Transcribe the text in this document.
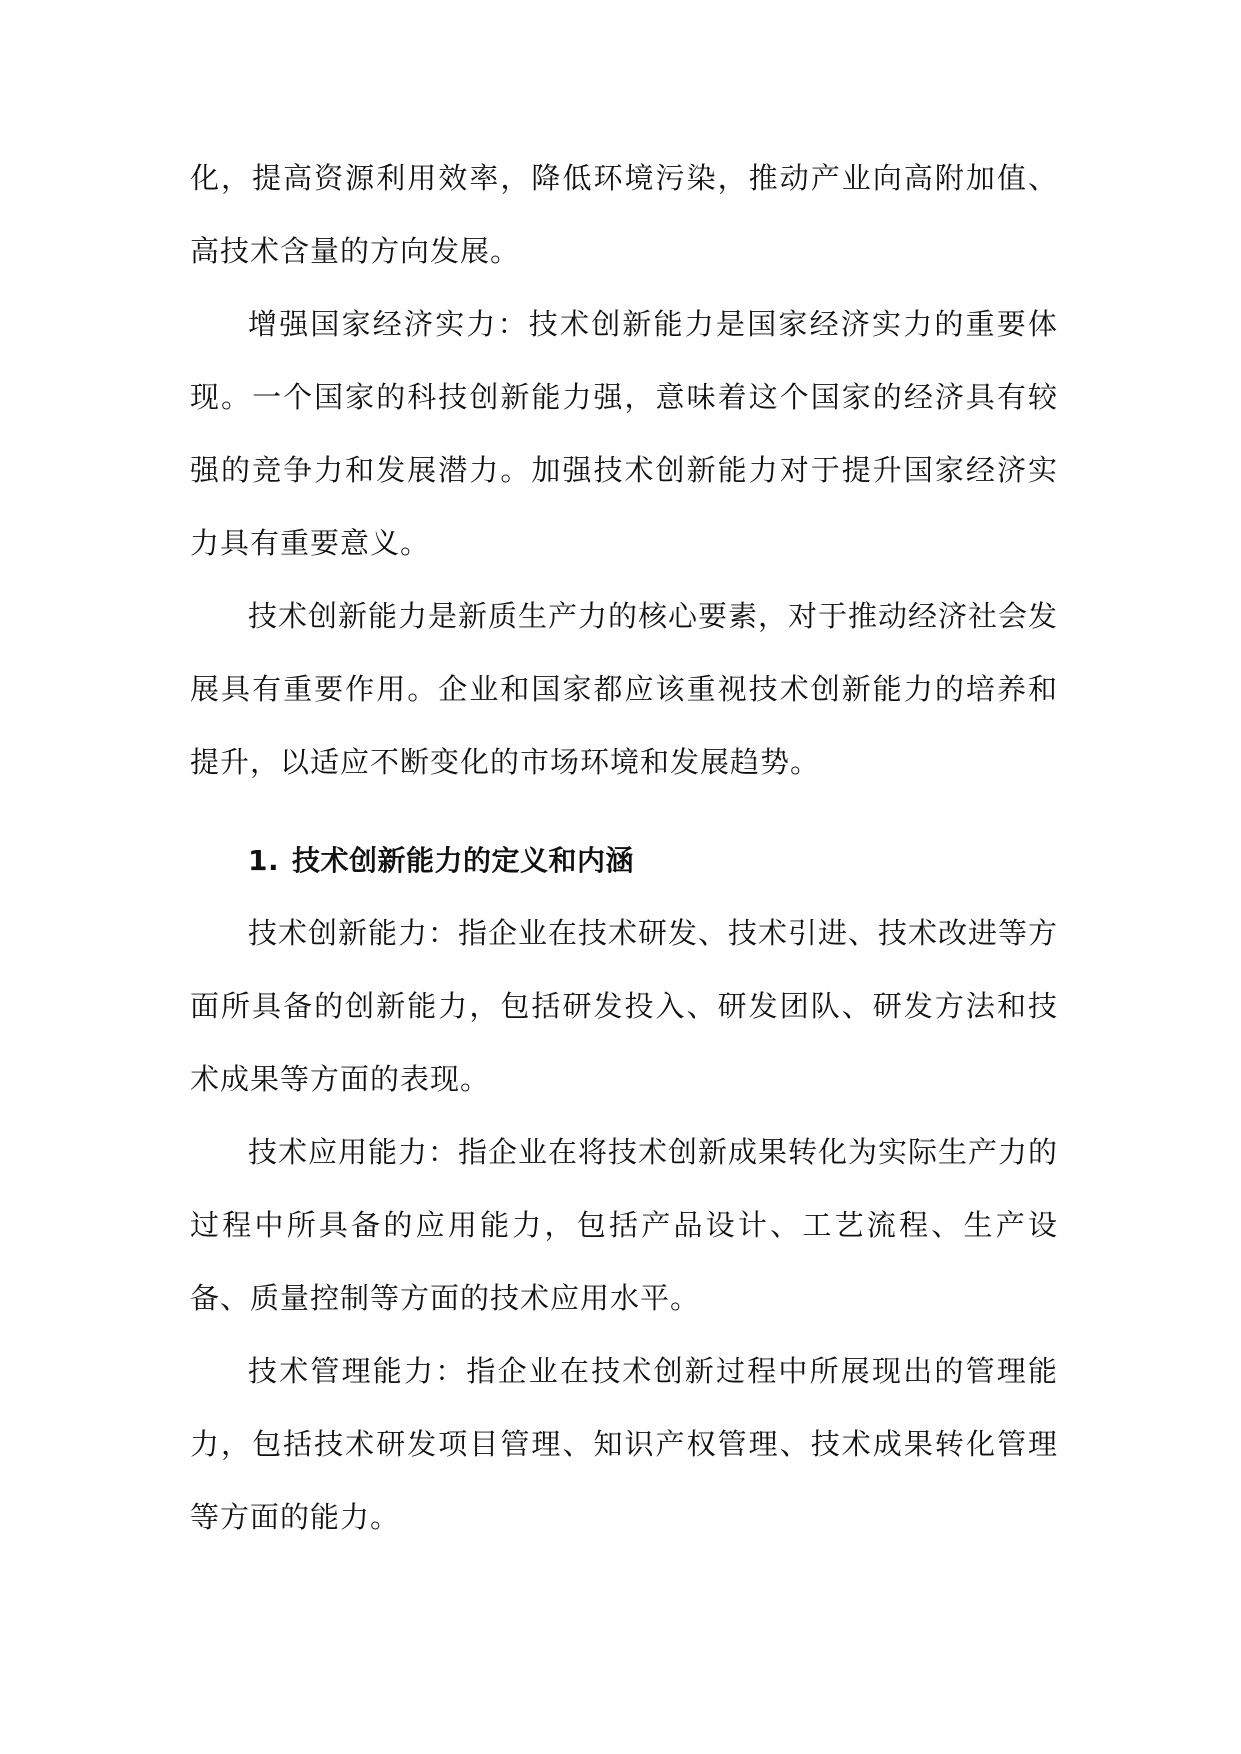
化，提高资源利用效率，降低环境污染，推动产业向高附加值、高技术含量的方向发展。

增强国家经济实力：技术创新能力是国家经济实力的重要体现。一个国家的科技创新能力强，意味着这个国家的经济具有较强的竞争力和发展潜力。加强技术创新能力对于提升国家经济实力具有重要意义。

技术创新能力是新质生产力的核心要素，对于推动经济社会发展具有重要作用。企业和国家都应该重视技术创新能力的培养和提升，以适应不断变化的市场环境和发展趋势。

1. 技术创新能力的定义和内涵

技术创新能力：指企业在技术研发、技术引进、技术改进等方面所具备的创新能力，包括研发投入、研发团队、研发方法和技术成果等方面的表现。

技术应用能力：指企业在将技术创新成果转化为实际生产力的过程中所具备的应用能力，包括产品设计、工艺流程、生产设备、质量控制等方面的技术应用水平。

技术管理能力：指企业在技术创新过程中所展现出的管理能力，包括技术研发项目管理、知识产权管理、技术成果转化管理等方面的能力。
